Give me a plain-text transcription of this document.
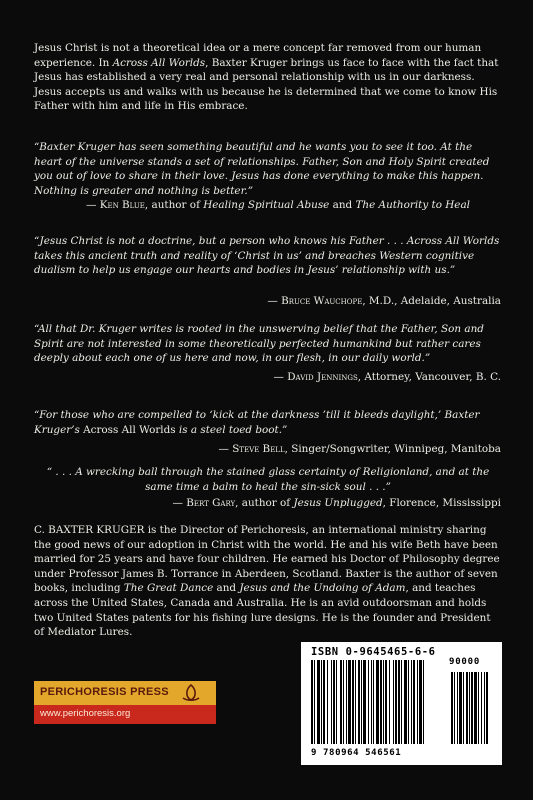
Jesus Christ is not a theoretical idea or a mere concept far removed from our human experience. In Across All Worlds, Baxter Kruger brings us face to face with the fact that Jesus has established a very real and personal relationship with us in our darkness. Jesus accepts us and walks with us because he is determined that we come to know His Father with him and life in His embrace.

“Baxter Kruger has seen something beautiful and he wants you to see it too. At the heart of the universe stands a set of relationships. Father, Son and Holy Spirit created you out of love to share in their love. Jesus has done everything to make this happen. Nothing is greater and nothing is better.”

— Ken Blue, author of Healing Spiritual Abuse and The Authority to Heal

“Jesus Christ is not a doctrine, but a person who knows his Father . . . Across All Worlds takes this ancient truth and reality of ‘Christ in us’ and breaches Western cognitive dualism to help us engage our hearts and bodies in Jesus’ relationship with us.”

— Bruce Wauchope, M.D., Adelaide, Australia

“All that Dr. Kruger writes is rooted in the unswerving belief that the Father, Son and Spirit are not interested in some theoretically perfected humankind but rather cares deeply about each one of us here and now, in our flesh, in our daily world.”

— David Jennings, Attorney, Vancouver, B. C.

“For those who are compelled to ‘kick at the darkness ’till it bleeds daylight,’ Baxter Kruger’s Across All Worlds is a steel toed boot.”

— Steve Bell, Singer/Songwriter, Winnipeg, Manitoba

“ . . . A wrecking ball through the stained glass certainty of Religionland, and at the same time a balm to heal the sin-sick soul . . .”

— Bert Gary, author of Jesus Unplugged, Florence, Mississippi

C. BAXTER KRUGER is the Director of Perichoresis, an international ministry sharing the good news of our adoption in Christ with the world. He and his wife Beth have been married for 25 years and have four children. He earned his Doctor of Philosophy degree under Professor James B. Torrance in Aberdeen, Scotland. Baxter is the author of seven books, including The Great Dance and Jesus and the Undoing of Adam, and teaches across the United States, Canada and Australia. He is an avid outdoorsman and holds two United States patents for his fishing lure designs. He is the founder and President of Mediator Lures.

PERICHORESIS PRESS
www.perichoresis.org
ISBN 0-9645465-6-6
90000
9 780964 546561
